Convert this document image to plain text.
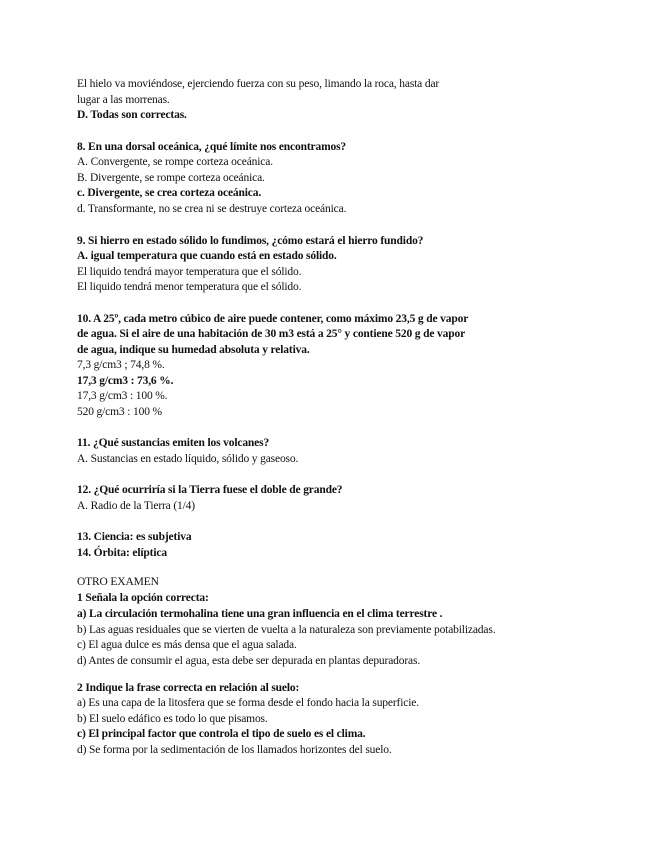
El hielo va moviéndose, ejerciendo fuerza con su peso, limando la roca, hasta dar
lugar a las morrenas.
D. Todas son correctas.
8. En una dorsal oceánica, ¿qué límite nos encontramos?
A. Convergente, se rompe corteza oceánica.
B. Divergente, se rompe corteza oceánica.
c. Divergente, se crea corteza oceánica.
d. Transformante, no se crea ni se destruye corteza oceánica.
9. Si hierro en estado sólido lo fundimos, ¿cómo estará el hierro fundido?
A. igual temperatura que cuando está en estado sólido.
El liquido tendrá mayor temperatura que el sólido.
El liquido tendrá menor temperatura que el sólido.
10. A 25º, cada metro cúbico de aire puede contener, como máximo 23,5 g de vapor
de agua. Si el aire de una habitación de 30 m3 está a 25° y contiene 520 g de vapor
de agua, indique su humedad absoluta y relativa.
7,3 g/cm3 ; 74,8 %.
17,3 g/cm3 : 73,6 %.
17,3 g/cm3 : 100 %.
520 g/cm3 : 100 %
11. ¿Qué sustancias emiten los volcanes?
A. Sustancias en estado líquido, sólido y gaseoso.
12. ¿Qué ocurriría si la Tierra fuese el doble de grande?
A. Radio de la Tierra (1/4)
13. Ciencia: es subjetiva
14. Órbita: elíptica
OTRO EXAMEN
1 Señala la opción correcta:
a) La circulación termohalina tiene una gran influencia en el clima terrestre .
b) Las aguas residuales que se vierten de vuelta a la naturaleza son previamente potabilizadas.
c) El agua dulce es más densa que el agua salada.
d) Antes de consumir el agua, esta debe ser depurada en plantas depuradoras.
2 Indique la frase correcta en relación al suelo:
a) Es una capa de la litosfera que se forma desde el fondo hacia la superficie.
b) El suelo edáfico es todo lo que pisamos.
c) El principal factor que controla el tipo de suelo es el clima.
d) Se forma por la sedimentación de los llamados horizontes del suelo.
